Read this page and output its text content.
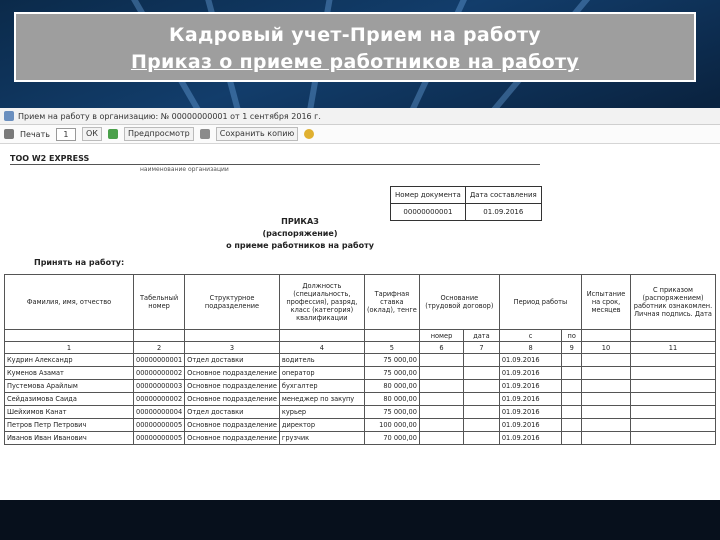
Кадровый учет-Прием на работу
Приказ о приеме работников на работу
Прием на работу в организацию: № 00000000001 от 1 сентября 2016 г.
Печать	1	ОК	Предпросмотр	Сохранить копию
ТОО W2 EXPRESS
наименование организации
Номер документа	Дата составления
00000000001	01.09.2016
ПРИКАЗ
(распоряжение)
о приеме работников на работу
Принять на работу:
Фамилия, имя, отчество	Табельный номер	Структурное подразделение	Должность (специальность, профессия), разряд, класс (категория) квалификации	Тарифная ставка (оклад), тенге	Основание (трудовой договор)		Период работы		Испытание на срок, месяцев	С приказом (распоряжением) работник ознакомлен. Личная подпись. Дата
					номер	дата	с	по		
1	2	3	4	5	6	7	8	9	10	11
Кудрин Александр	00000000001	Отдел доставки	водитель	75 000,00			01.09.2016			
Куменов Азамат	00000000002	Основное подразделение	оператор	75 000,00			01.09.2016			
Пустемова Арайлым	00000000003	Основное подразделение	бухгалтер	80 000,00			01.09.2016			
Сейдазимова Саида	00000000002	Основное подразделение	менеджер по закупу	80 000,00			01.09.2016			
Шейхимов Канат	00000000004	Отдел доставки	курьер	75 000,00			01.09.2016			
Петров Петр Петрович	00000000005	Основное подразделение	директор	100 000,00			01.09.2016			
Иванов Иван Иванович	00000000005	Основное подразделение	грузчик	70 000,00			01.09.2016			
